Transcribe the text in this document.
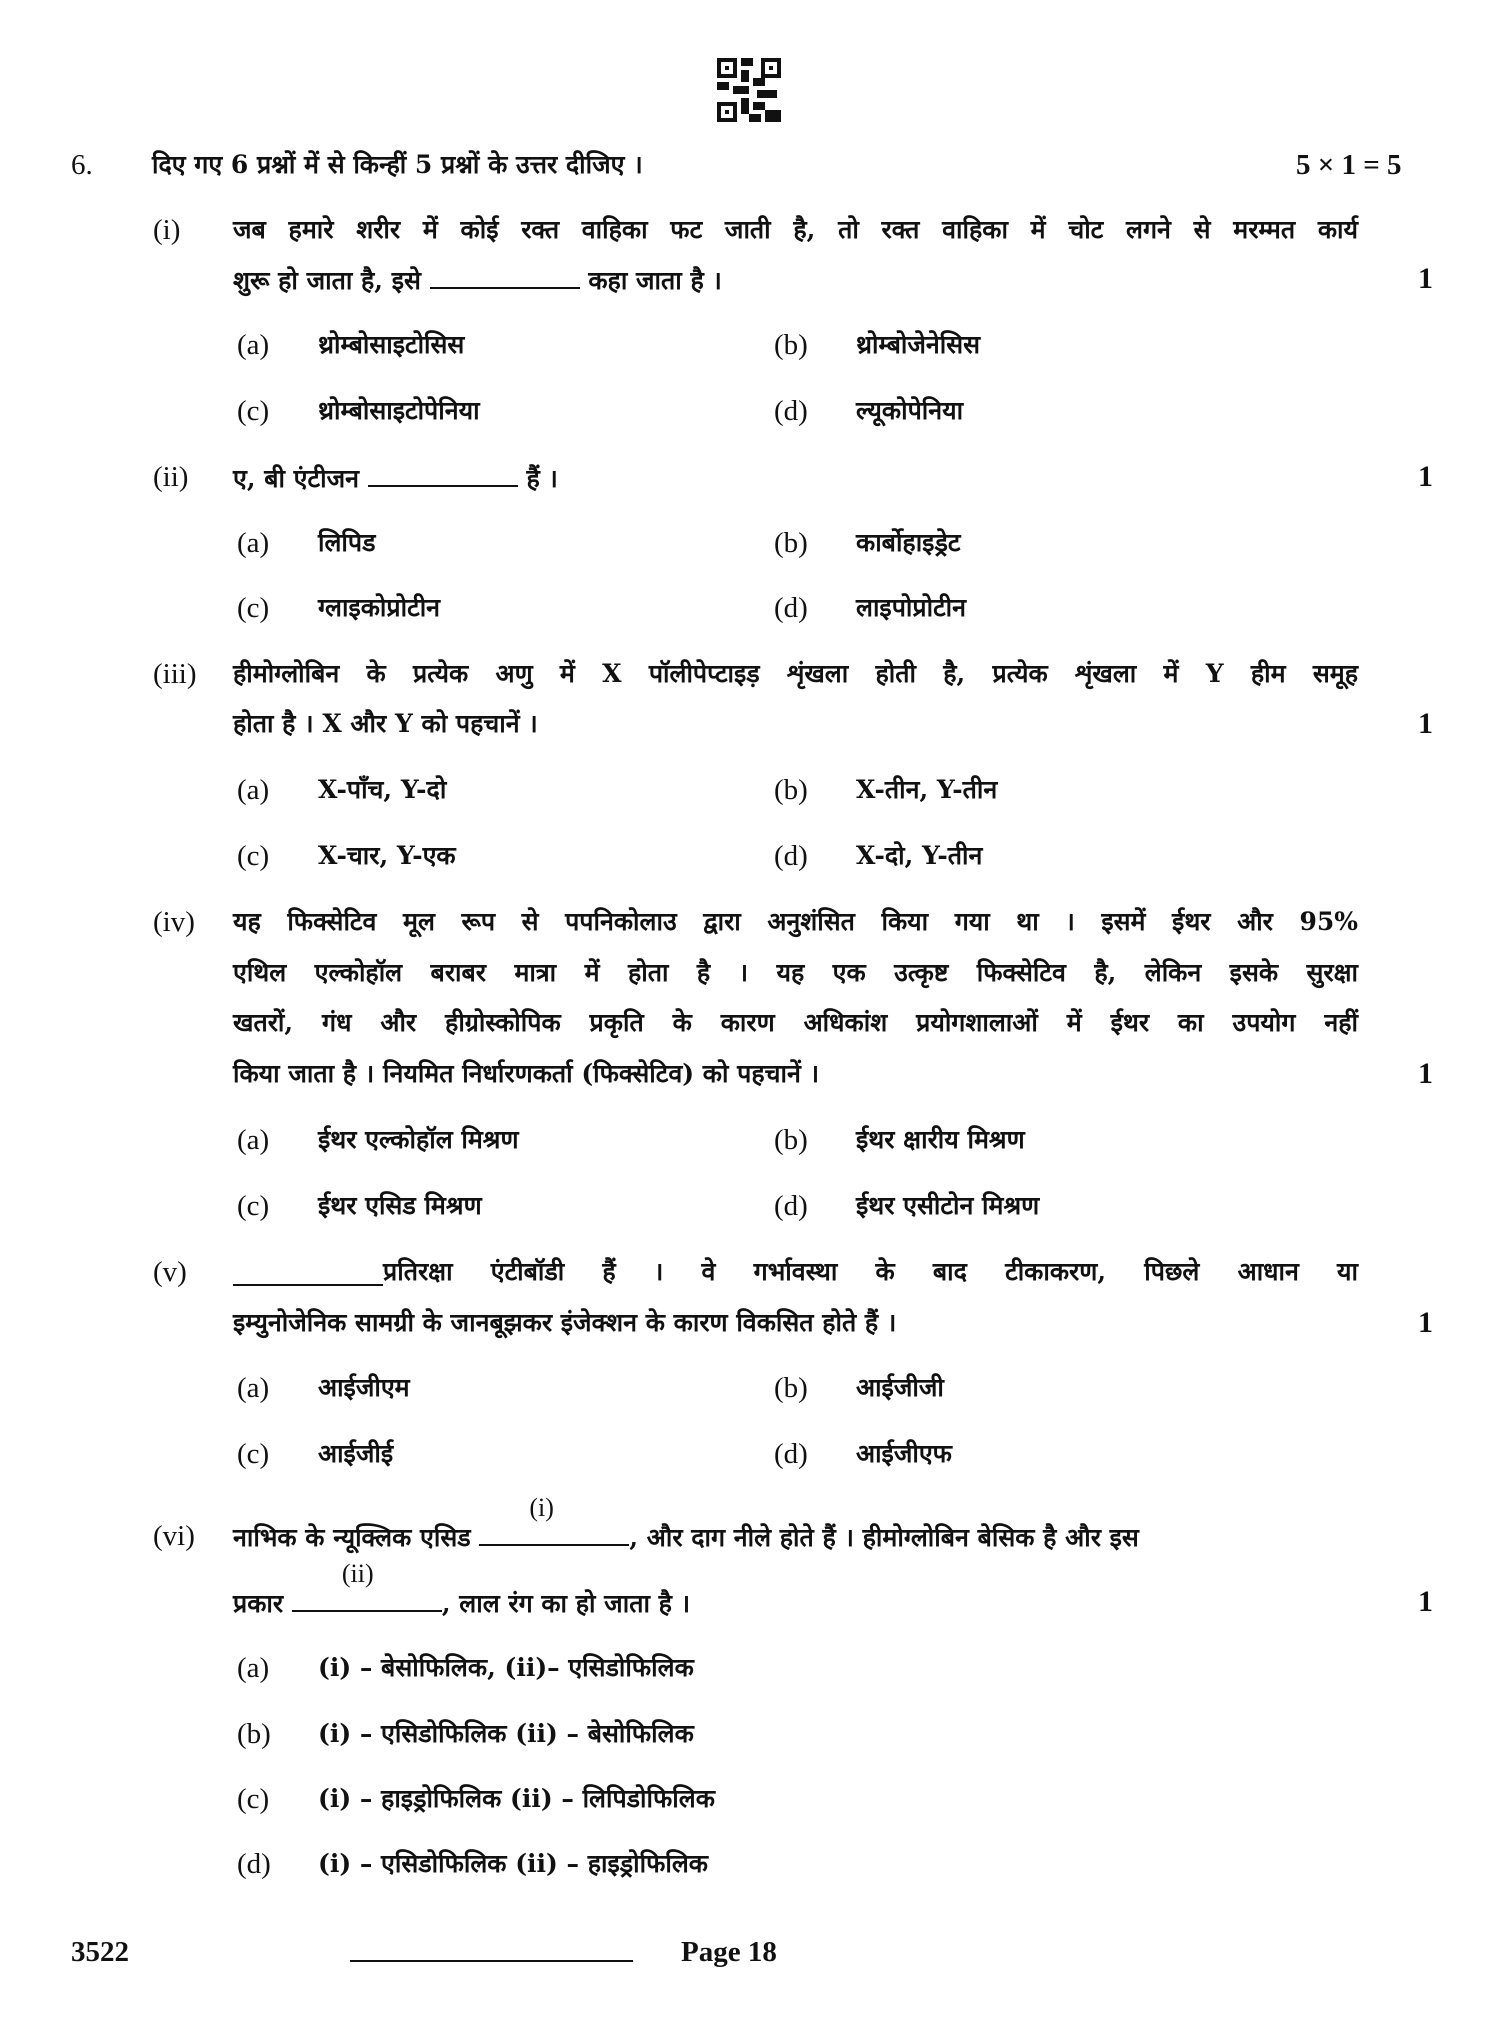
6. दिए गए 6 प्रश्नों में से किन्हीं 5 प्रश्नों के उत्तर दीजिए ।	5 × 1 = 5
(i) जब हमारे शरीर में कोई रक्त वाहिका फट जाती है, तो रक्त वाहिका में चोट लगने से मरम्मत कार्य
शुरू हो जाता है, इसे	कहा जाता है ।	1
(a) थ्रोम्बोसाइटोसिस	(b) थ्रोम्बोजेनेसिस
(c) थ्रोम्बोसाइटोपेनिया	(d) ल्यूकोपेनिया
(ii) ए, बी एंटीजन	हैं ।	1
(a) लिपिड	(b) कार्बोहाइड्रेट
(c) ग्लाइकोप्रोटीन	(d) लाइपोप्रोटीन
(iii) हीमोग्लोबिन के प्रत्येक अणु में X पॉलीपेप्टाइड़ शृंखला होती है, प्रत्येक शृंखला में Y हीम समूह
होता है । X और Y को पहचानें ।	1
(a) X-पाँच, Y-दो	(b) X-तीन, Y-तीन
(c) X-चार, Y-एक	(d) X-दो, Y-तीन
(iv) यह फिक्सेटिव मूल रूप से पपनिकोलाउ द्वारा अनुशंसित किया गया था । इसमें ईथर और 95%
एथिल एल्कोहॉल बराबर मात्रा में होता है । यह एक उत्कृष्ट फिक्सेटिव है, लेकिन इसके सुरक्षा
खतरों, गंध और हीग्रोस्कोपिक प्रकृति के कारण अधिकांश प्रयोगशालाओं में ईथर का उपयोग नहीं
किया जाता है । नियमित निर्धारणकर्ता (फिक्सेटिव) को पहचानें ।	1
(a) ईथर एल्कोहॉल मिश्रण	(b) ईथर क्षारीय मिश्रण
(c) ईथर एसिड मिश्रण	(d) ईथर एसीटोन मिश्रण
(v)	प्रतिरक्षा एंटीबॉडी हैं । वे गर्भावस्था के बाद टीकाकरण, पिछले आधान या
इम्युनोजेनिक सामग्री के जानबूझकर इंजेक्शन के कारण विकसित होते हैं ।	1
(a) आईजीएम	(b) आईजीजी
(c) आईजीई	(d) आईजीएफ
(vi) नाभिक के न्यूक्लिक एसिड
(i)
, और दाग नीले होते हैं । हीमोग्लोबिन बेसिक है और इस
प्रकार
(ii)
, लाल रंग का हो जाता है ।	1
(a) (i) – बेसोफिलिक, (ii)– एसिडोफिलिक
(b) (i) – एसिडोफिलिक (ii) – बेसोफिलिक
(c) (i) – हाइड्रोफिलिक (ii) – लिपिडोफिलिक
(d) (i) – एसिडोफिलिक (ii) – हाइड्रोफिलिक
3522	Page 18
